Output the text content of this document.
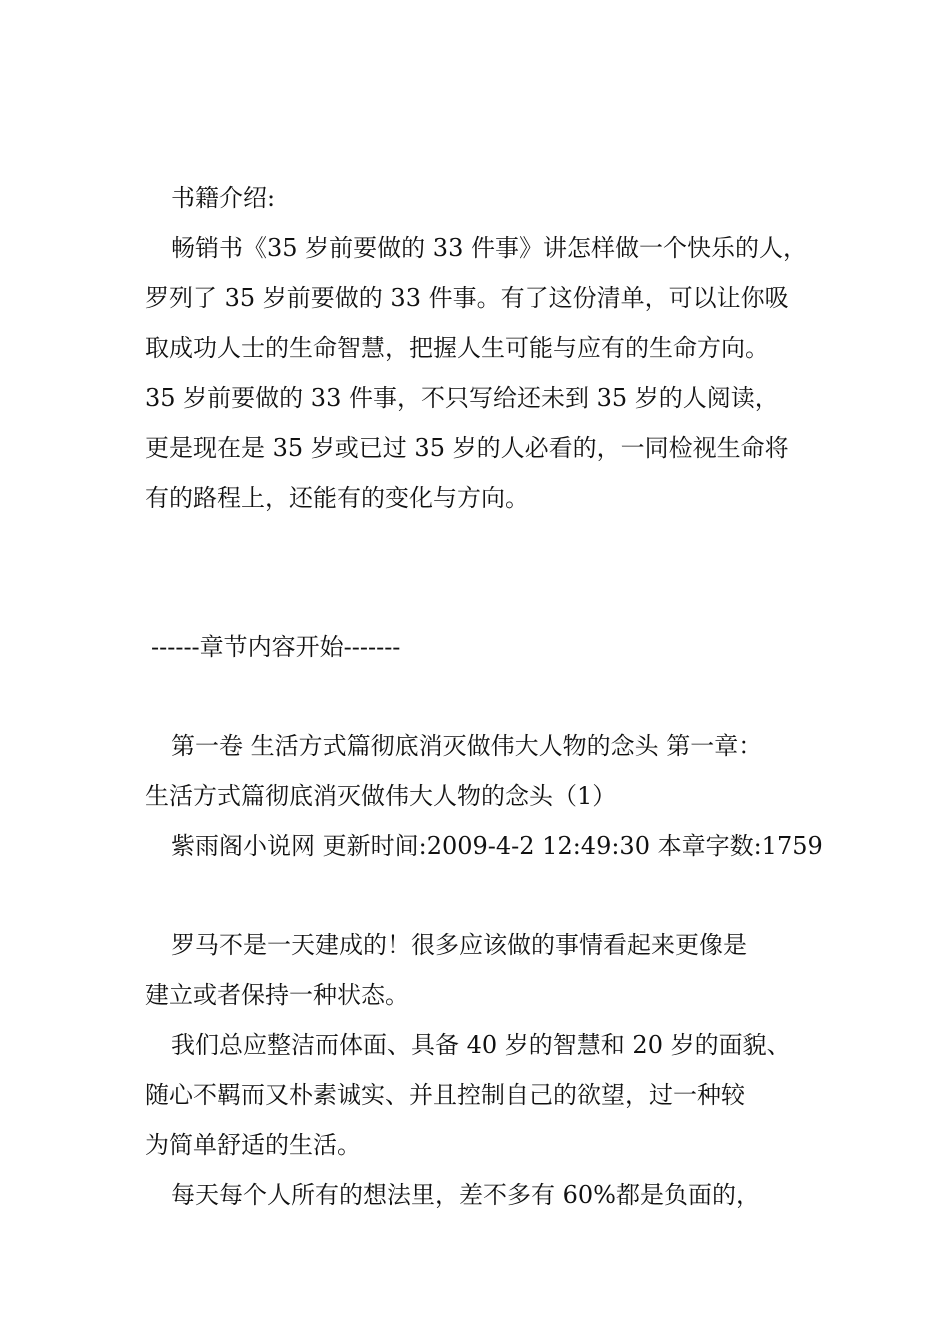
书籍介绍:
畅销书《35 岁前要做的 33 件事》讲怎样做一个快乐的人，
罗列了 35 岁前要做的 33 件事。有了这份清单，可以让你吸
取成功人士的生命智慧，把握人生可能与应有的生命方向。
35 岁前要做的 33 件事，不只写给还未到 35 岁的人阅读，
更是现在是 35 岁或已过 35 岁的人必看的，一同检视生命将
有的路程上，还能有的变化与方向。
------章节内容开始-------
第一卷 生活方式篇彻底消灭做伟大人物的念头 第一章：
生活方式篇彻底消灭做伟大人物的念头（1）
紫雨阁小说网 更新时间:2009-4-2 12:49:30 本章字数:1759
罗马不是一天建成的！很多应该做的事情看起来更像是
建立或者保持一种状态。
我们总应整洁而体面、具备 40 岁的智慧和 20 岁的面貌、
随心不羁而又朴素诚实、并且控制自己的欲望，过一种较
为简单舒适的生活。
每天每个人所有的想法里，差不多有 60%都是负面的，
